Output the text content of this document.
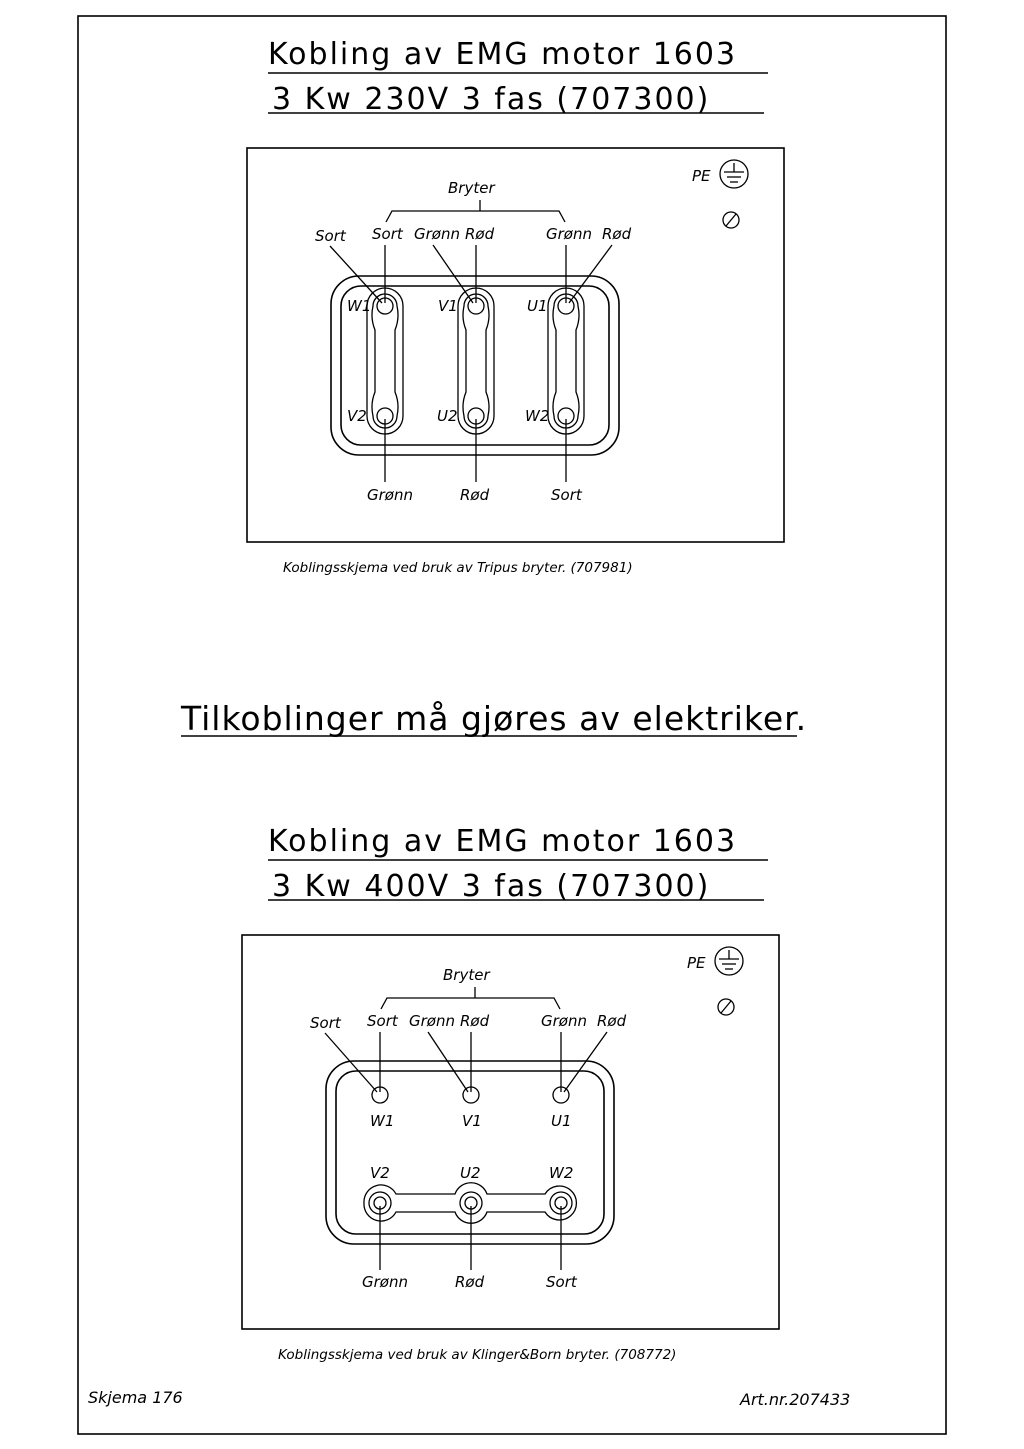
Kobling av EMG motor 1603
3 Kw 230V 3 fas (707300)
PE
Bryter
Sort Sort Grønn Rød	Grønn Rød
W1	V1	U1
V2	U2	W2
Grønn	Rød	Sort
Koblingsskjema ved bruk av Tripus bryter. (707981)
Tilkoblinger må gjøres av elektriker.
Kobling av EMG motor 1603
3 Kw 400V 3 fas (707300)
PE
Bryter
Sort Sort Grønn Rød	Grønn Rød
W1	V1	U1
V2	U2	W2
Grønn	Rød	Sort
Koblingsskjema ved bruk av Klinger&Born bryter. (708772)
Skjema 176	Art.nr.207433
